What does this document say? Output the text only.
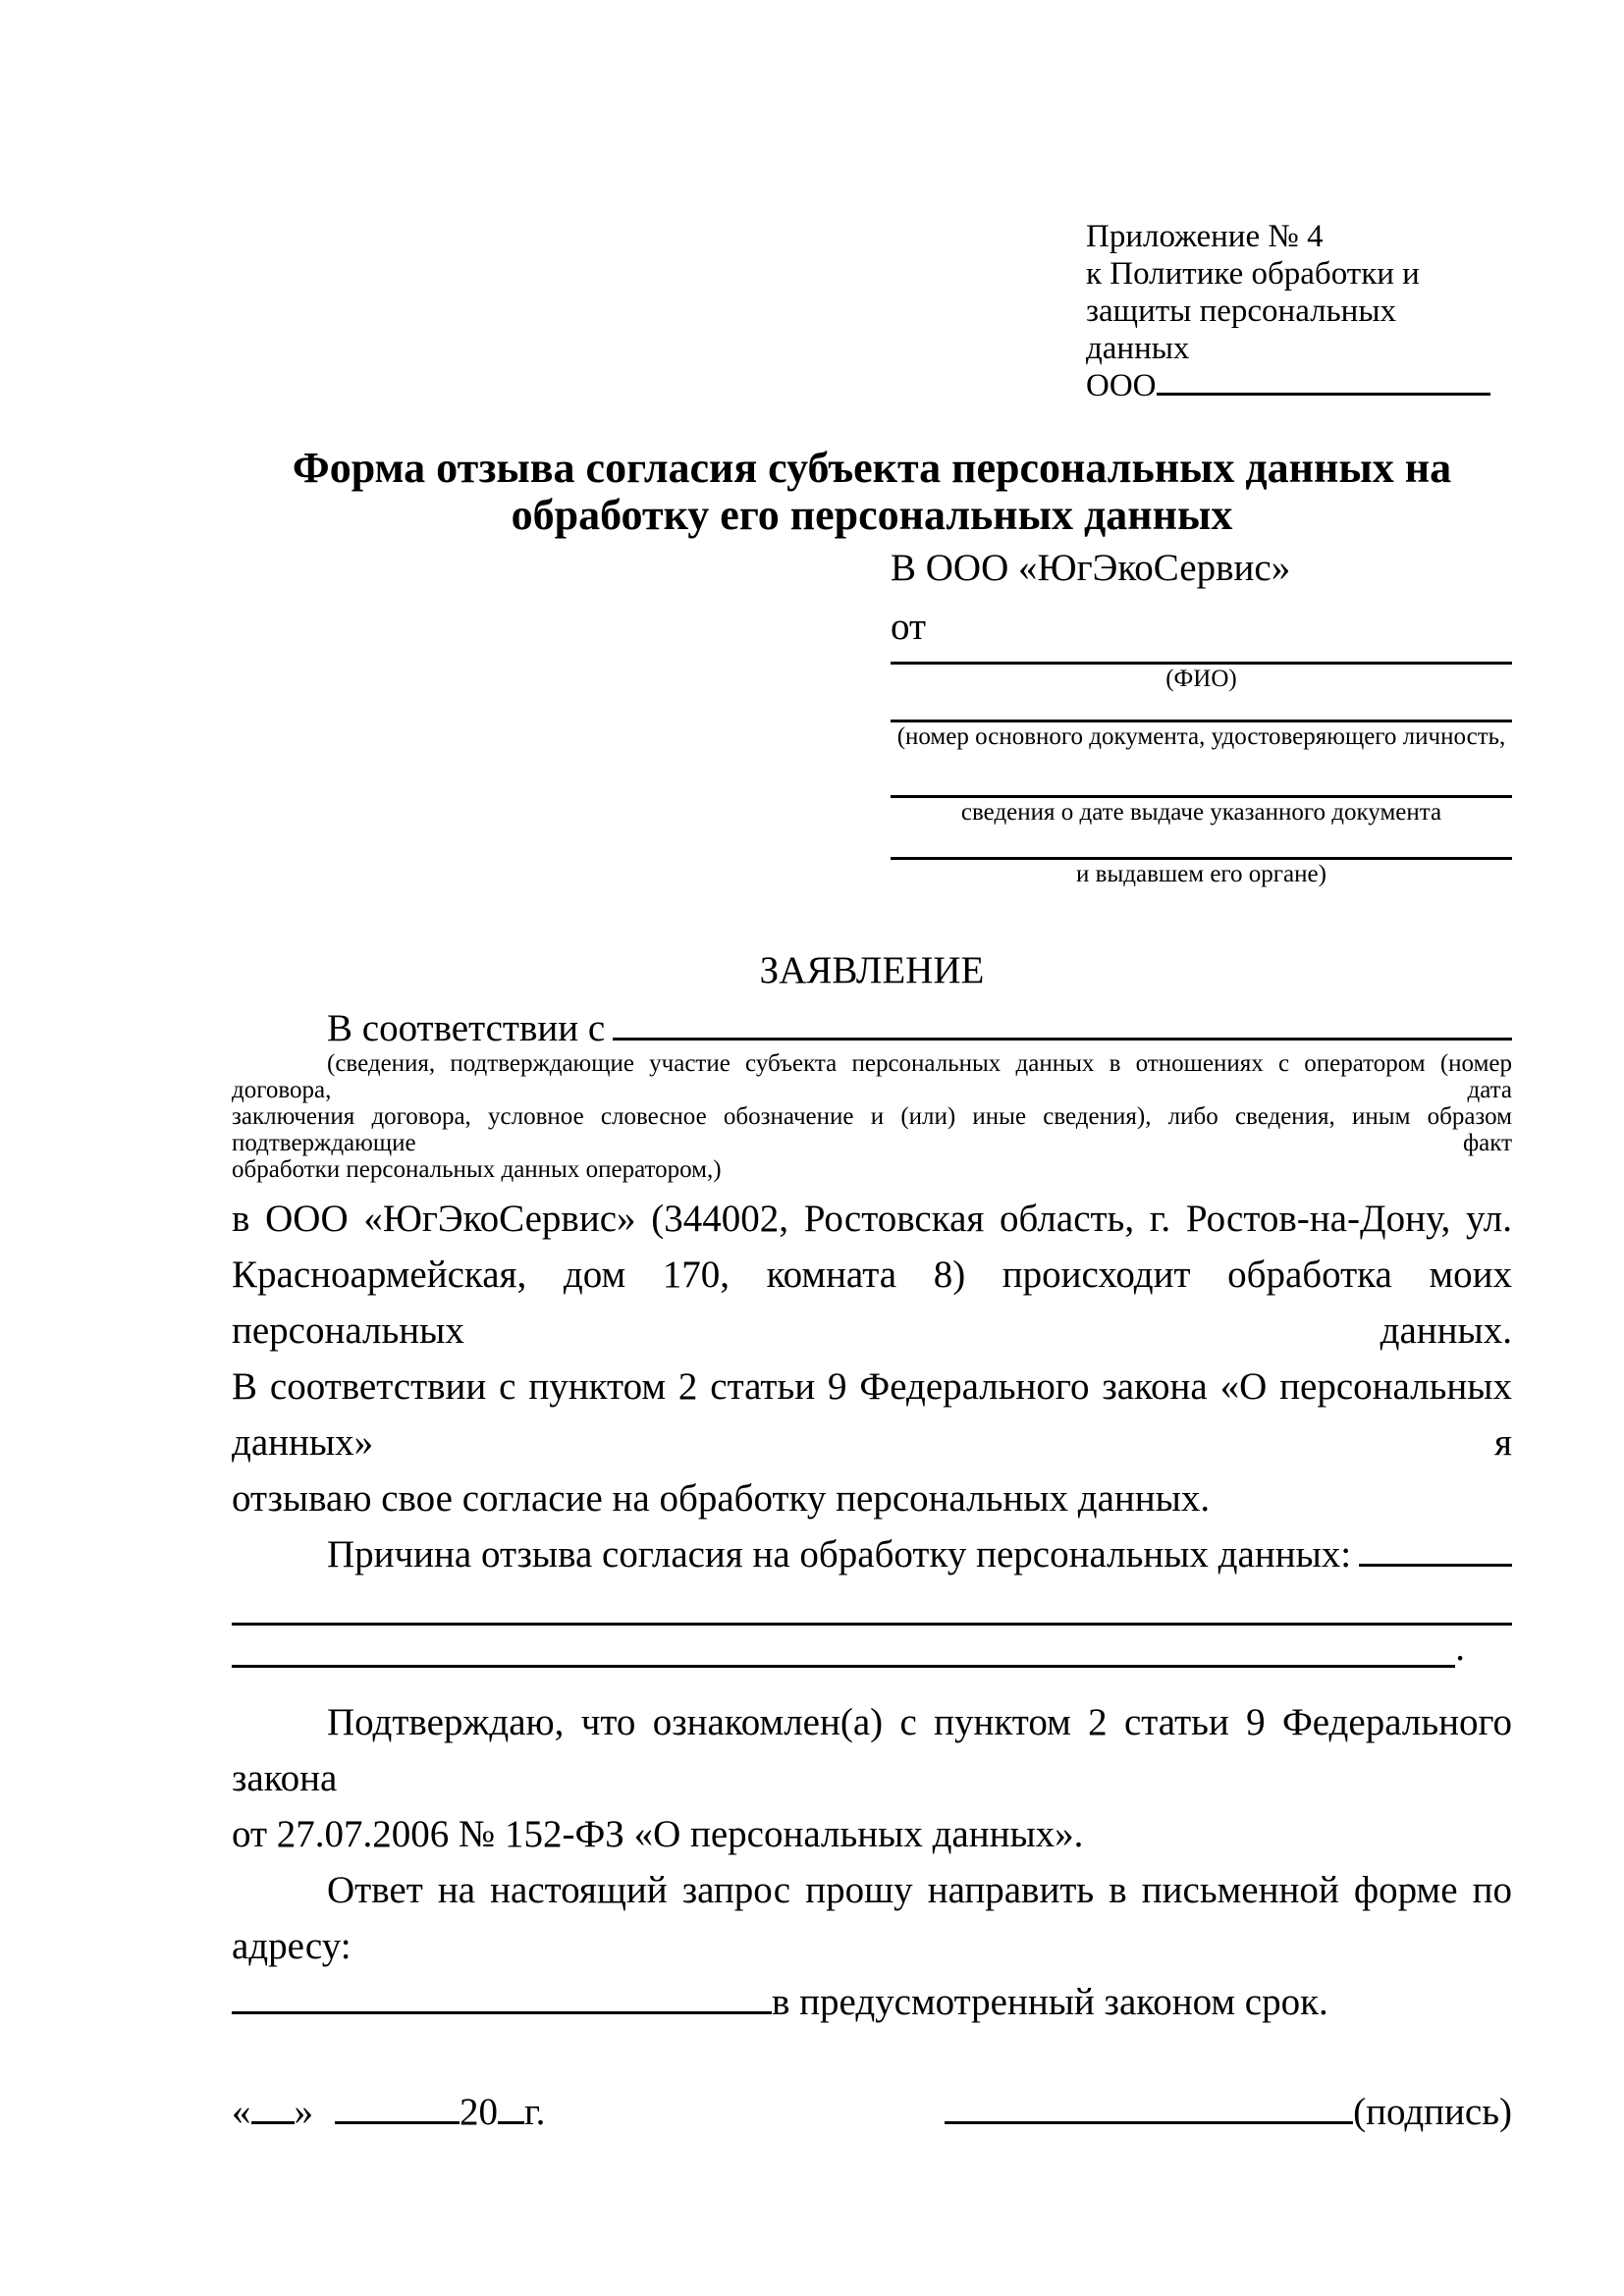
Приложение № 4
к Политике обработки и
защиты персональных данных
ООО
Форма отзыва согласия субъекта персональных данных на обработку его персональных данных
В ООО «ЮгЭкоСервис»
от
(ФИО)
(номер основного документа, удостоверяющего личность,
сведения о дате выдаче указанного документа
и выдавшем его органе)
ЗАЯВЛЕНИЕ
В соответствии с
(сведения, подтверждающие участие субъекта персональных данных в отношениях с оператором (номер договора, дата
заключения договора, условное словесное обозначение и (или) иные сведения), либо сведения, иным образом подтверждающие факт
обработки персональных данных оператором,)
в ООО «ЮгЭкоСервис» (344002, Ростовская область, г. Ростов-на-Дону, ул.
Красноармейская, дом 170, комната 8) происходит обработка моих персональных данных.
В соответствии с пунктом 2 статьи 9 Федерального закона «О персональных данных» я
отзываю свое согласие на обработку персональных данных.
Причина отзыва согласия на обработку персональных данных:
.
Подтверждаю, что ознакомлен(а) с пунктом 2 статьи 9 Федерального закона
от 27.07.2006 № 152-ФЗ «О персональных данных».
Ответ на настоящий запрос прошу направить в письменной форме по адресу:
в предусмотренный законом срок.
« »	20 г.	(подпись)
